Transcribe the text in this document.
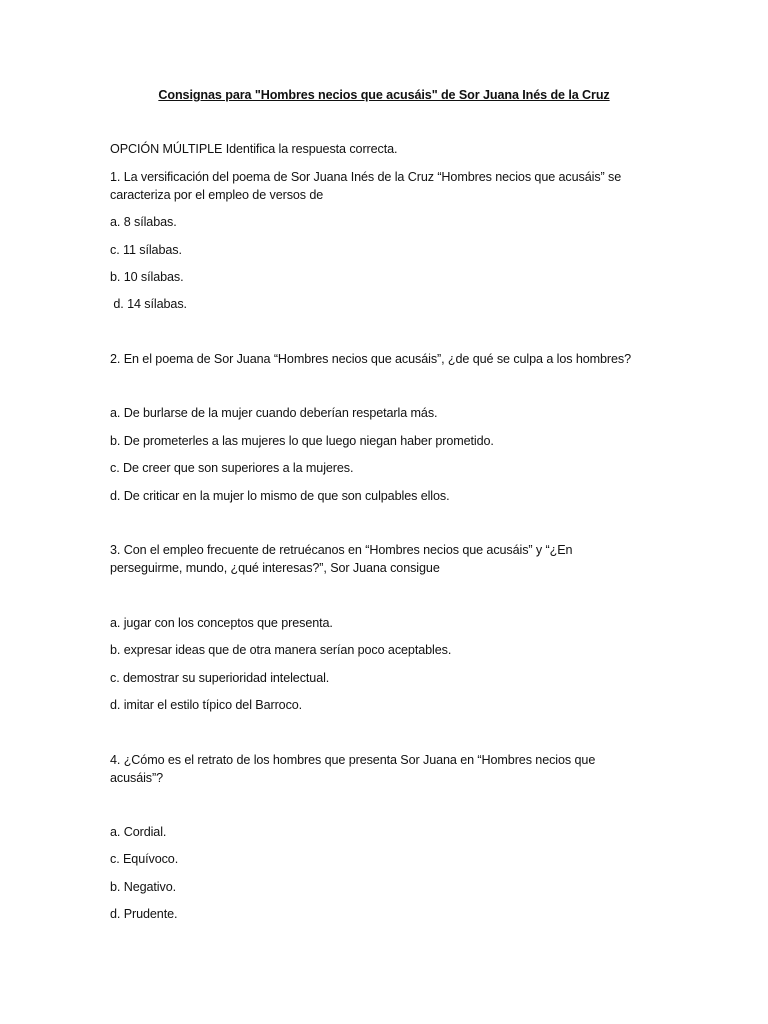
Consignas para "Hombres necios que acusáis" de Sor Juana Inés de la Cruz
OPCIÓN MÚLTIPLE Identifica la respuesta correcta.
1. La versificación del poema de Sor Juana Inés de la Cruz “Hombres necios que acusáis” se
caracteriza por el empleo de versos de
a. 8 sílabas.
c. 11 sílabas.
b. 10 sílabas.
d. 14 sílabas.
2. En el poema de Sor Juana “Hombres necios que acusáis”, ¿de qué se culpa a los hombres?
a. De burlarse de la mujer cuando deberían respetarla más.
b. De prometerles a las mujeres lo que luego niegan haber prometido.
c. De creer que son superiores a la mujeres.
d. De criticar en la mujer lo mismo de que son culpables ellos.
3. Con el empleo frecuente de retruécanos en “Hombres necios que acusáis” y “¿En
perseguirme, mundo, ¿qué interesas?”, Sor Juana consigue
a. jugar con los conceptos que presenta.
b. expresar ideas que de otra manera serían poco aceptables.
c. demostrar su superioridad intelectual.
d. imitar el estilo típico del Barroco.
4. ¿Cómo es el retrato de los hombres que presenta Sor Juana en “Hombres necios que
acusáis”?
a. Cordial.
c. Equívoco.
b. Negativo.
d. Prudente.
